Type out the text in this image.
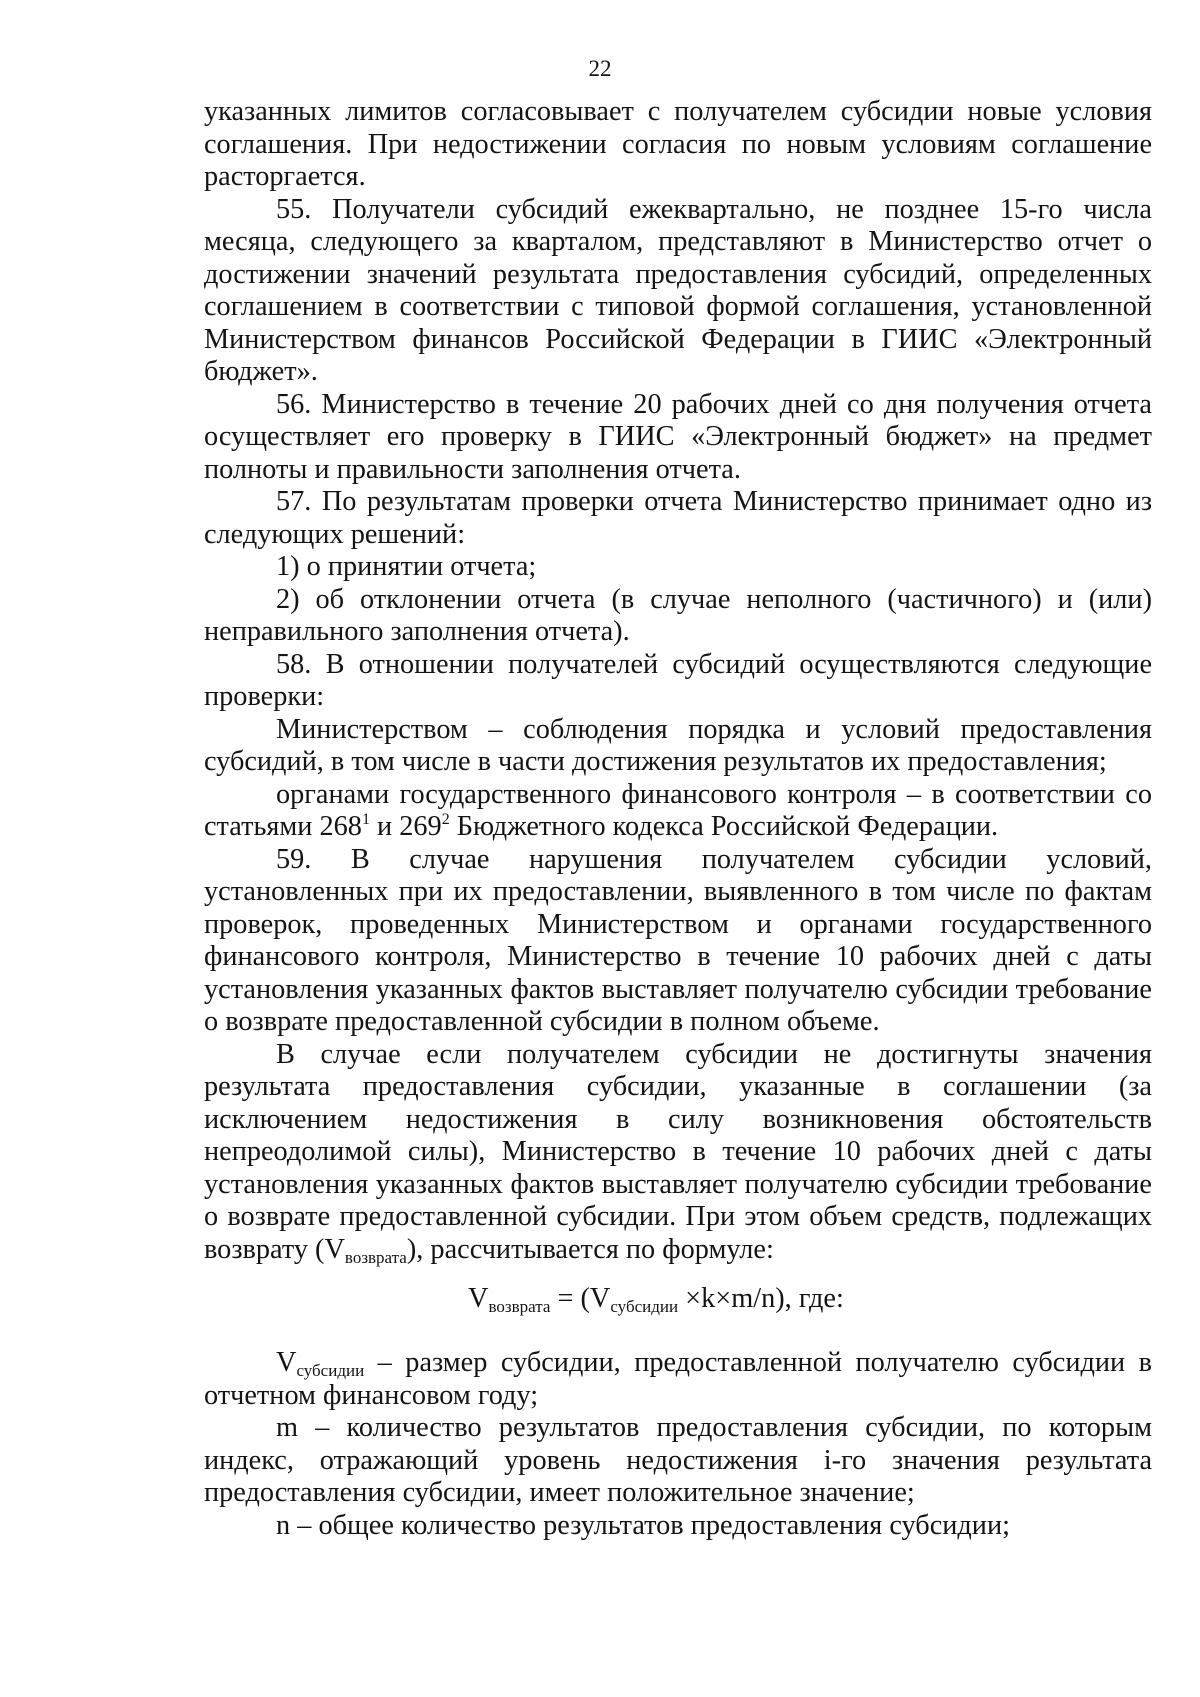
22

указанных лимитов согласовывает с получателем субсидии новые условия соглашения. При недостижении согласия по новым условиям соглашение расторгается.

55. Получатели субсидий ежеквартально, не позднее 15-го числа месяца, следующего за кварталом, представляют в Министерство отчет о достижении значений результата предоставления субсидий, определенных соглашением в соответствии с типовой формой соглашения, установленной Министерством финансов Российской Федерации в ГИИС «Электронный бюджет».

56. Министерство в течение 20 рабочих дней со дня получения отчета осуществляет его проверку в ГИИС «Электронный бюджет» на предмет полноты и правильности заполнения отчета.

57. По результатам проверки отчета Министерство принимает одно из следующих решений:

1) о принятии отчета;

2) об отклонении отчета (в случае неполного (частичного) и (или) неправильного заполнения отчета).

58. В отношении получателей субсидий осуществляются следующие проверки:

Министерством – соблюдения порядка и условий предоставления субсидий, в том числе в части достижения результатов их предоставления;

органами государственного финансового контроля – в соответствии со статьями $268^1$ и $269^2$ Бюджетного кодекса Российской Федерации.

59. В случае нарушения получателем субсидии условий,

установленных при их предоставлении, выявленного в том числе по фактам проверок, проведенных Министерством и органами государственного финансового контроля, Министерство в течение 10 рабочих дней с даты установления указанных фактов выставляет получателю субсидии требование о возврате предоставленной субсидии в полном объеме.

В случае если получателем субсидии не достигнуты значения результата предоставления субсидии, указанные в соглашении (за исключением недостижения в силу возникновения обстоятельств непреодолимой силы), Министерство в течение 10 рабочих дней с даты установления указанных фактов выставляет получателю субсидии требование о возврате предоставленной субсидии. При этом объем средств, подлежащих возврату $(V_{возврата})$, рассчитывается по формуле:

$V_{возврата} = (V_{субсидии} \times k\times m/n)$, где:

$V_{субсидии}$ – размер субсидии, предоставленной получателю субсидии в отчетном финансовом году;

m – количество результатов предоставления субсидии, по которым индекс, отражающий уровень недостижения i-го значения результата предоставления субсидии, имеет положительное значение;

n – общее количество результатов предоставления субсидии;
